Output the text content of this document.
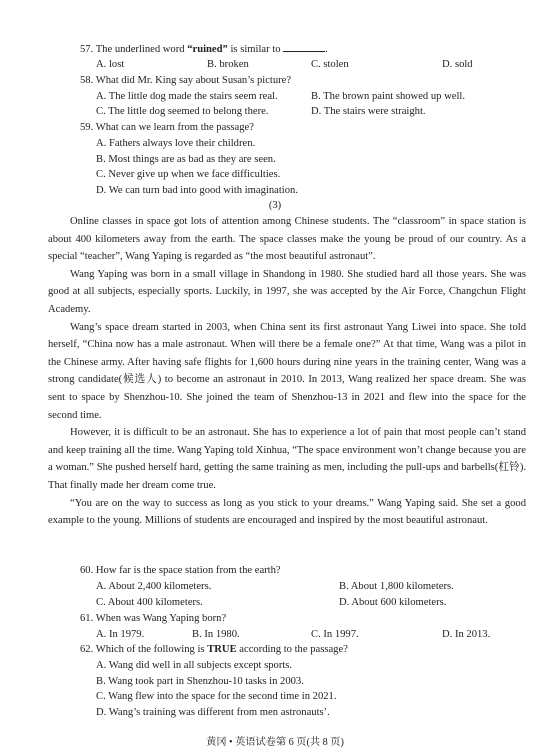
57. The underlined word “ruined” is similar to	.
A. lost	B. broken	C. stolen	D. sold
58. What did Mr. King say about Susan’s picture?
A. The little dog made the stairs seem real.	B. The brown paint showed up well.
C. The little dog seemed to belong there.	D. The stairs were straight.
59. What can we learn from the passage?
A. Fathers always love their children.
B. Most things are as bad as they are seen.
C. Never give up when we face difficulties.
D. We can turn bad into good with imagination.
(3)

Online classes in space got lots of attention among Chinese students. The “classroom” in space station is about 400 kilometers away from the earth. The space classes make the young be proud of our country. As a special “teacher”, Wang Yaping is regarded as “the most beautiful astronaut”.

Wang Yaping was born in a small village in Shandong in 1980. She studied hard all those years. She was good at all subjects, especially sports. Luckily, in 1997, she was accepted by the Air Force, Changchun Flight Academy.

Wang’s space dream started in 2003, when China sent its first astronaut Yang Liwei into space. She told herself, “China now has a male astronaut. When will there be a female one?” At that time, Wang was a pilot in the Chinese army. After having safe flights for 1,600 hours during nine years in the training center, Wang was a strong candidate(候选人) to become an astronaut in 2010. In 2013, Wang realized her space dream. She was sent to space by Shenzhou-10. She joined the team of Shenzhou-13 in 2021 and flew into the space for the second time.

However, it is difficult to be an astronaut. She has to experience a lot of pain that most people can’t stand and keep training all the time. Wang Yaping told Xinhua, “The space environment won’t change because you are a woman.” She pushed herself hard, getting the same training as men, including the pull-ups and barbells(杠铃). That finally made her dream come true.

“You are on the way to success as long as you stick to your dreams.” Wang Yaping said. She set a good example to the young. Millions of students are encouraged and inspired by the most beautiful astronaut.

60. How far is the space station from the earth?
A. About 2,400 kilometers.	B. About 1,800 kilometers.
C. About 400 kilometers.	D. About 600 kilometers.
61. When was Wang Yaping born?
A. In 1979.	B. In 1980.	C. In 1997.	D. In 2013.
62. Which of the following is TRUE according to the passage?
A. Wang did well in all subjects except sports.
B. Wang took part in Shenzhou-10 tasks in 2003.
C. Wang flew into the space for the second time in 2021.
D. Wang’s training was different from men astronauts’.
黄冈 • 英语试卷第 6 页(共 8 页)
